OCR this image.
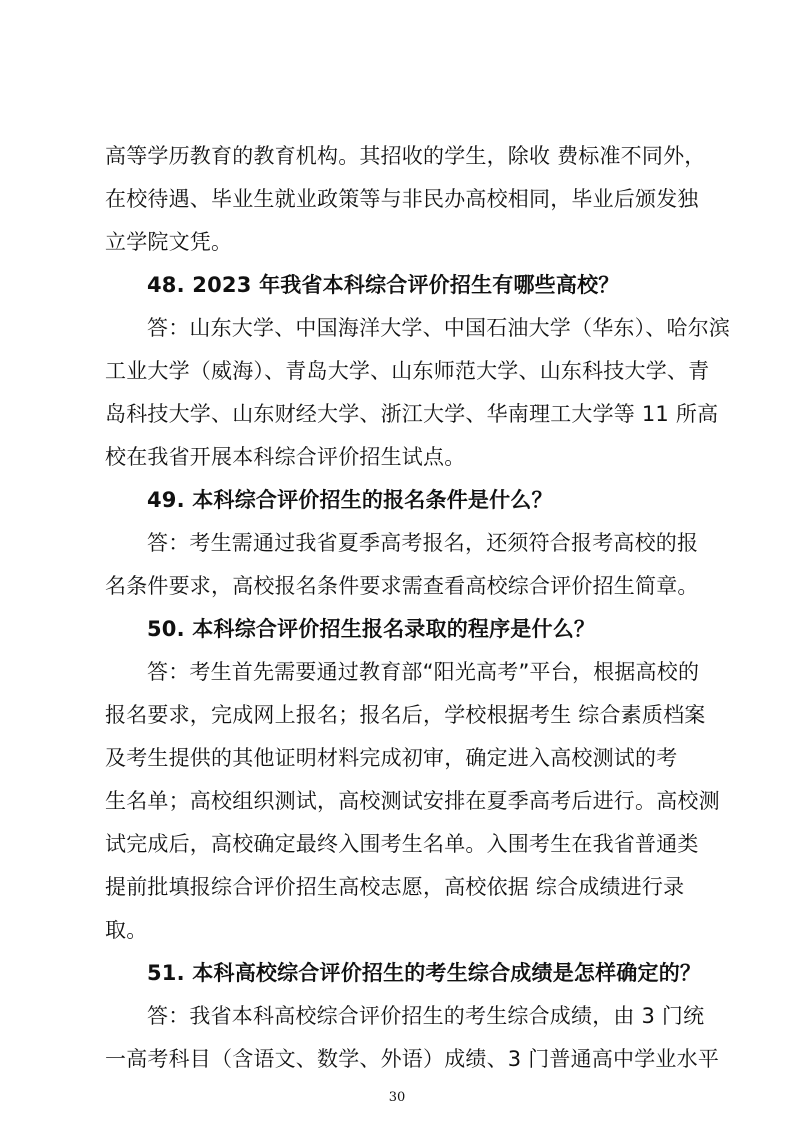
高等学历教育的教育机构。其招收的学生，除收 费标准不同外，
在校待遇、毕业生就业政策等与非民办高校相同，毕业后颁发独
立学院文凭。
48. 2023 年我省本科综合评价招生有哪些高校？
答：山东大学、中国海洋大学、中国石油大学（华东）、哈尔滨
工业大学（威海）、青岛大学、山东师范大学、山东科技大学、青
岛科技大学、山东财经大学、浙江大学、华南理工大学等 11 所高
校在我省开展本科综合评价招生试点。
49. 本科综合评价招生的报名条件是什么？
答：考生需通过我省夏季高考报名，还须符合报考高校的报
名条件要求，高校报名条件要求需查看高校综合评价招生简章。
50. 本科综合评价招生报名录取的程序是什么？
答：考生首先需要通过教育部“阳光高考”平台，根据高校的
报名要求，完成网上报名；报名后，学校根据考生 综合素质档案
及考生提供的其他证明材料完成初审，确定进入高校测试的考
生名单；高校组织测试，高校测试安排在夏季高考后进行。高校测
试完成后，高校确定最终入围考生名单。入围考生在我省普通类
提前批填报综合评价招生高校志愿，高校依据 综合成绩进行录
取。
51. 本科高校综合评价招生的考生综合成绩是怎样确定的？
答：我省本科高校综合评价招生的考生综合成绩，由 3 门统
一高考科目（含语文、数学、外语）成绩、3 门普通高中学业水平
30
